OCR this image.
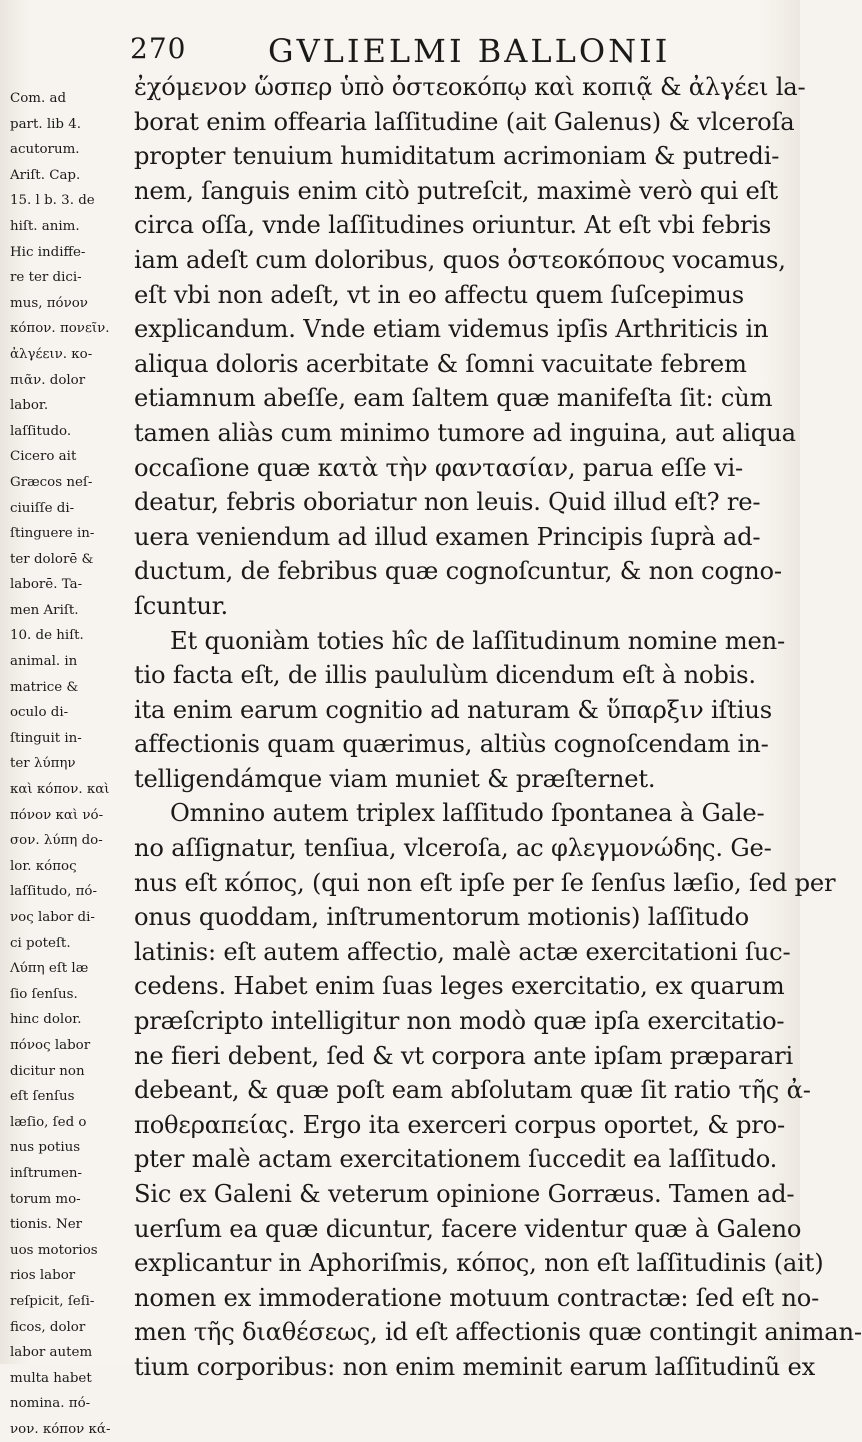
270	GVLIELMI BALLONII
Com. ad
part. lib 4.
acutorum.
Ariſt. Cap.
15. l b. 3. de
hiſt. anim.
Hic indiffe-
re ter dici-
mus, πόνον
κόπον. πονεῖν.
ἀλγέειν. κο-
πιᾶν. dolor
labor.
laſſitudo.
Cicero ait
Græcos neſ-
ciuiſſe di-
ſtinguere in-
ter dolorē &
laborē. Ta-
men Ariſt.
10. de hiſt.
animal. in
matrice &
oculo di-
ſtinguit in-
ter λύπην
καὶ κόπον. καὶ
πόνον καὶ νό-
σον. λύπη do-
lor. κόπος
laſſitudo, πό-
νος labor di-
ci poteſt.
Λύπη eſt læ
ſio ſenſus.
hinc dolor.
πόνος labor
dicitur non
eſt ſenſus
læſio, ſed o
nus potius
inſtrumen-
torum mo-
tionis. Ner
uos motorios
rios labor
reſpicit, ſeſi-
ficos, dolor
labor autem
multa habet
nomina. πό-
νον. κόπον κά-
ἐχόμενον ὥσπερ ὑπὸ ὀστεοκόπῳ καὶ κοπιᾷ & ἀλγέει la-
borat enim offearia laſſitudine (ait Galenus) & vlceroſa
propter tenuium humiditatum acrimoniam & putredi-
nem, ſanguis enim citò putreſcit, maximè verò qui eſt
circa oſſa, vnde laſſitudines oriuntur. At eſt vbi febris
iam adeſt cum doloribus, quos ὀστεοκόπους vocamus,
eſt vbi non adeſt, vt in eo affectu quem ſuſcepimus
explicandum. Vnde etiam videmus ipſis Arthriticis in
aliqua doloris acerbitate & ſomni vacuitate febrem
etiamnum abeſſe, eam ſaltem quæ manifeſta ſit: cùm
tamen aliàs cum minimo tumore ad inguina, aut aliqua
occaſione quæ κατὰ τὴν φαντασίαν, parua eſſe vi-
deatur, febris oboriatur non leuis. Quid illud eſt? re-
uera veniendum ad illud examen Principis ſuprà ad-
ductum, de febribus quæ cognoſcuntur, & non cogno-
ſcuntur.
Et quoniàm toties hîc de laſſitudinum nomine men-
tio facta eſt, de illis paululùm dicendum eſt à nobis.
ita enim earum cognitio ad naturam & ὕπαρξιν iſtius
affectionis quam quærimus, altiùs cognoſcendam in-
telligendámque viam muniet & præſternet.
Omnino autem triplex laſſitudo ſpontanea à Gale-
no aſſignatur, tenſiua, vlceroſa, ac φλεγμονώδης. Ge-
nus eſt κόπος, (qui non eſt ipſe per ſe ſenſus læſio, ſed per
onus quoddam, inſtrumentorum motionis) laſſitudo
latinis: eſt autem affectio, malè actæ exercitationi ſuc-
cedens. Habet enim ſuas leges exercitatio, ex quarum
præſcripto intelligitur non modò quæ ipſa exercitatio-
ne fieri debent, ſed & vt corpora ante ipſam præparari
debeant, & quæ poſt eam abſolutam quæ ſit ratio τῆς ἀ-
ποθεραπείας. Ergo ita exerceri corpus oportet, & pro-
pter malè actam exercitationem ſuccedit ea laſſitudo.
Sic ex Galeni & veterum opinione Gorræus. Tamen ad-
uerſum ea quæ dicuntur, facere videntur quæ à Galeno
explicantur in Aphoriſmis, κόπος, non eſt laſſitudinis (ait)
nomen ex immoderatione motuum contractæ: ſed eſt no-
men τῆς διαθέσεως, id eſt affectionis quæ contingit animan-
tium corporibus: non enim meminit earum laſſitudinũ ex
